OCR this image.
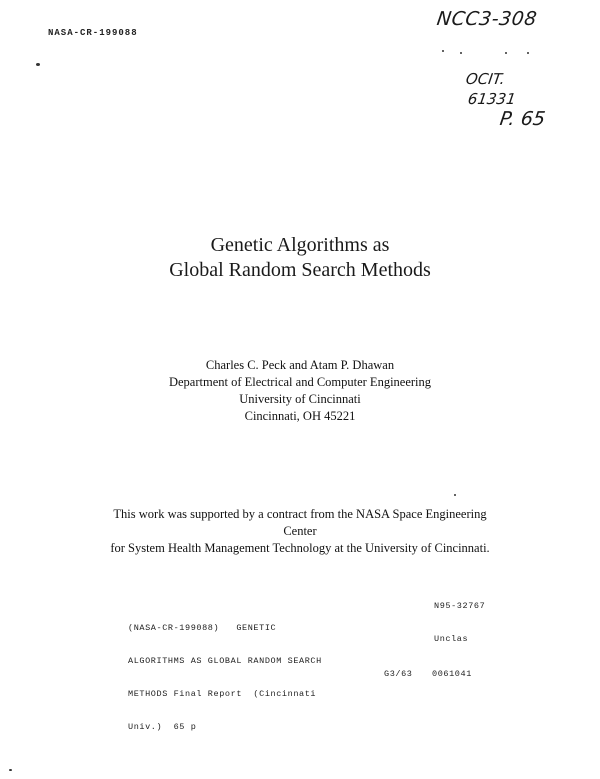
NASA-CR-199088
NCC3-308
OCIT.
61331
P. 65
Genetic Algorithms as
Global Random Search Methods
Charles C. Peck and Atam P. Dhawan
Department of Electrical and Computer Engineering
University of Cincinnati
Cincinnati, OH 45221
This work was supported by a contract from the NASA Space Engineering
Center
for System Health Management Technology at the University of Cincinnati.

(NASA-CR-199088)   GENETIC

ALGORITHMS AS GLOBAL RANDOM SEARCH

METHODS Final Report  (Cincinnati

Univ.)  65 p

N95-32767
Unclas
G3/63 0061041
